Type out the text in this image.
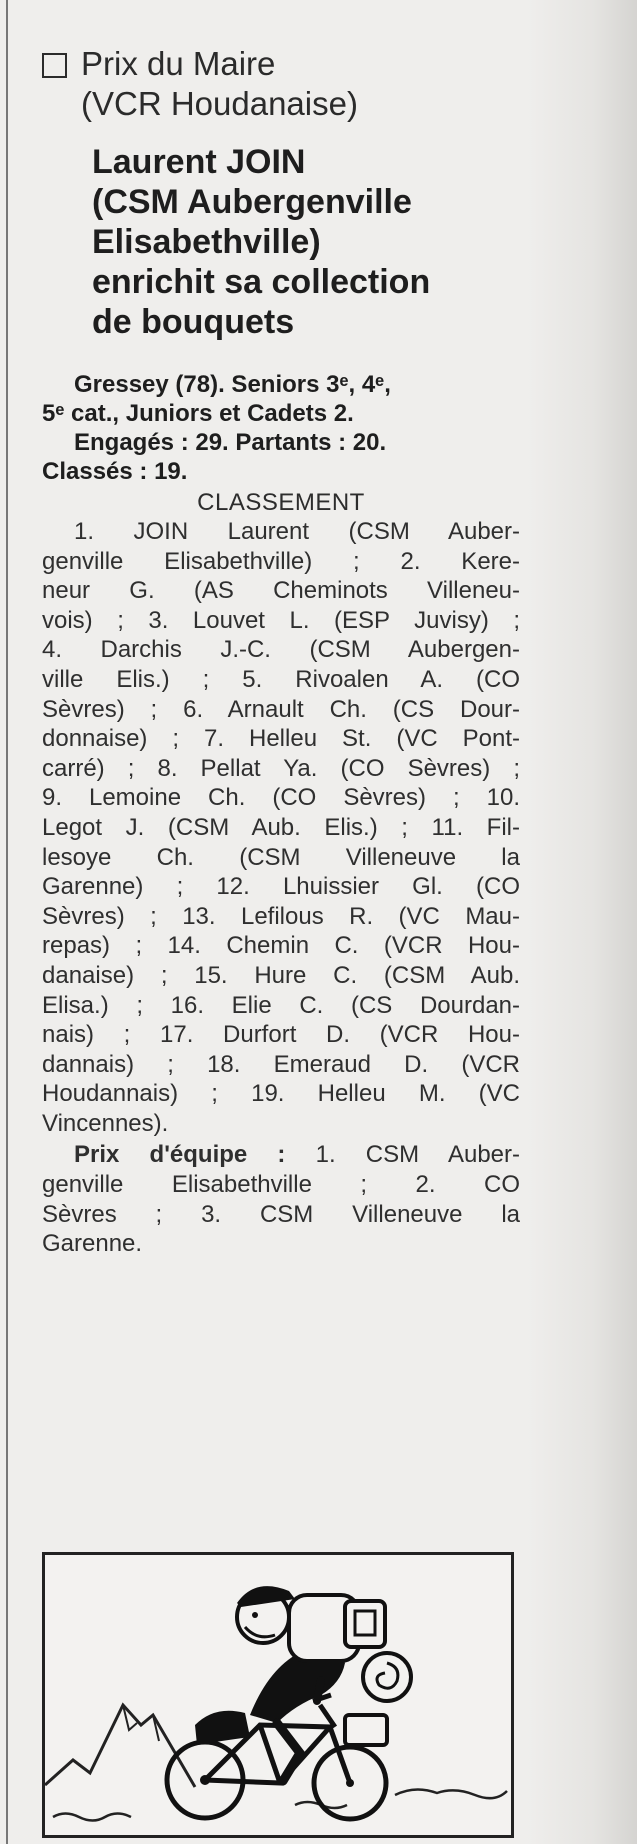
Prix du Maire
(VCR Houdanaise)
Laurent JOIN
(CSM Aubergenville
Elisabethville)
enrichit sa collection
de bouquets
Gressey (78). Seniors 3ᵉ, 4ᵉ,
5ᵉ cat., Juniors et Cadets 2.
Engagés : 29. Partants : 20.
Classés : 19.
CLASSEMENT
1. JOIN Laurent (CSM Auber-
genville Elisabethville) ; 2. Kere-
neur G. (AS Cheminots Villeneu-
vois) ; 3. Louvet L. (ESP Juvisy) ;
4. Darchis J.-C. (CSM Aubergen-
ville Elis.) ; 5. Rivoalen A. (CO
Sèvres) ; 6. Arnault Ch. (CS Dour-
donnaise) ; 7. Helleu St. (VC Pont-
carré) ; 8. Pellat Ya. (CO Sèvres) ;
9. Lemoine Ch. (CO Sèvres) ; 10.
Legot J. (CSM Aub. Elis.) ; 11. Fil-
lesoye Ch. (CSM Villeneuve la
Garenne) ; 12. Lhuissier Gl. (CO
Sèvres) ; 13. Lefilous R. (VC Mau-
repas) ; 14. Chemin C. (VCR Hou-
danaise) ; 15. Hure C. (CSM Aub.
Elisa.) ; 16. Elie C. (CS Dourdan-
nais) ; 17. Durfort D. (VCR Hou-
dannais) ; 18. Emeraud D. (VCR
Houdannais) ; 19. Helleu M. (VC
Vincennes).
Prix d'équipe : 1. CSM Auber-
genville Elisabethville ; 2. CO
Sèvres ; 3. CSM Villeneuve la
Garenne.
